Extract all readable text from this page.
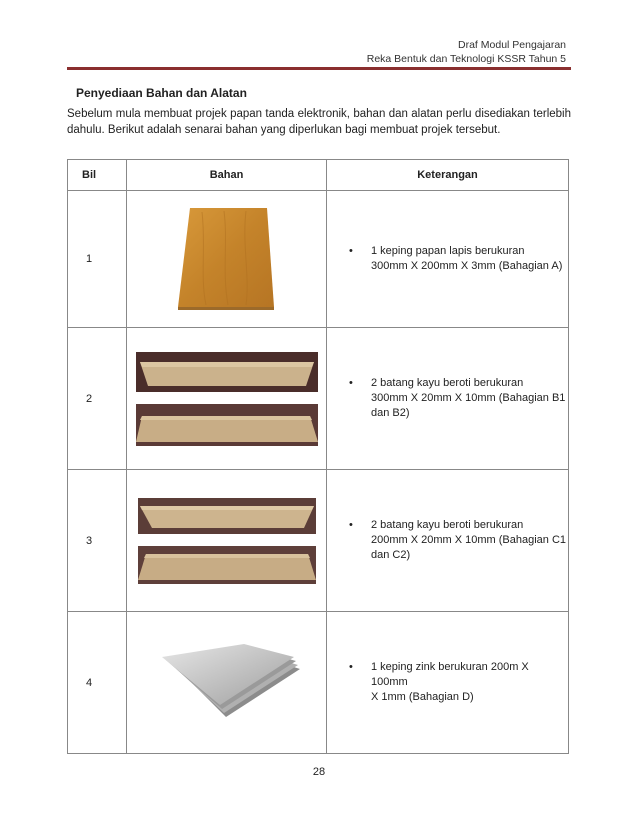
Draf Modul Pengajaran
Reka Bentuk dan Teknologi KSSR Tahun 5
Penyediaan Bahan dan Alatan
Sebelum mula membuat projek papan tanda elektronik, bahan dan alatan perlu disediakan terlebih dahulu. Berikut adalah senarai bahan yang diperlukan bagi membuat projek tersebut.
Bil	Bahan	Keterangan
1		• 1 keping papan lapis berukuran
300mm X 200mm X 3mm (Bahagian A)

2		• 2 batang kayu beroti berukuran
300mm X 20mm X 10mm (Bahagian B1
dan B2)

3		• 2 batang kayu beroti berukuran
200mm X 20mm X 10mm (Bahagian C1
dan C2)

4		• 1 keping zink berukuran 200m X 100mm
X 1mm (Bahagian D)
28
